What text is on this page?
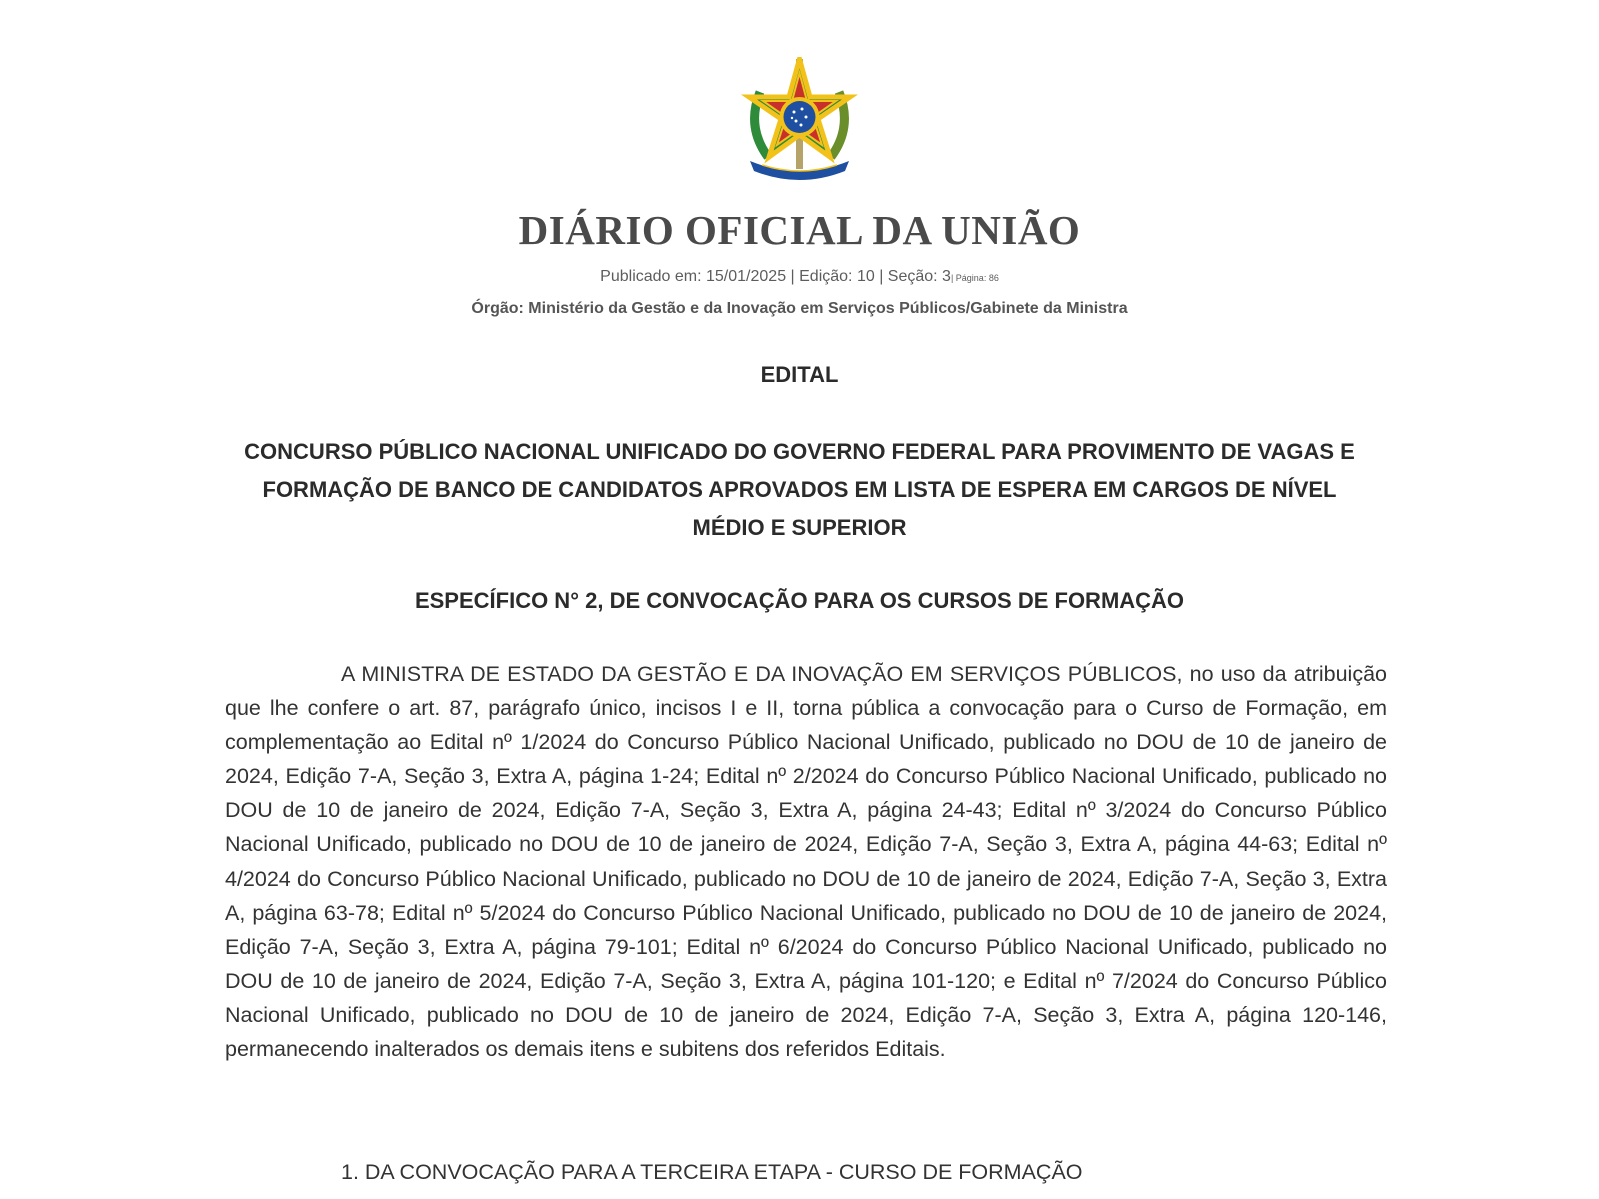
DIÁRIO OFICIAL DA UNIÃO
Publicado em: 15/01/2025 | Edição: 10 | Seção: 3| Página: 86
Órgão: Ministério da Gestão e da Inovação em Serviços Públicos/Gabinete da Ministra
EDITAL
CONCURSO PÚBLICO NACIONAL UNIFICADO DO GOVERNO FEDERAL PARA PROVIMENTO DE VAGAS E FORMAÇÃO DE BANCO DE CANDIDATOS APROVADOS EM LISTA DE ESPERA EM CARGOS DE NÍVEL MÉDIO E SUPERIOR
ESPECÍFICO N° 2, DE CONVOCAÇÃO PARA OS CURSOS DE FORMAÇÃO
A MINISTRA DE ESTADO DA GESTÃO E DA INOVAÇÃO EM SERVIÇOS PÚBLICOS, no uso da atribuição que lhe confere o art. 87, parágrafo único, incisos I e II, torna pública a convocação para o Curso de Formação, em complementação ao Edital nº 1/2024 do Concurso Público Nacional Unificado, publicado no DOU de 10 de janeiro de 2024, Edição 7-A, Seção 3, Extra A, página 1-24; Edital nº 2/2024 do Concurso Público Nacional Unificado, publicado no DOU de 10 de janeiro de 2024, Edição 7-A, Seção 3, Extra A, página 24-43; Edital nº 3/2024 do Concurso Público Nacional Unificado, publicado no DOU de 10 de janeiro de 2024, Edição 7-A, Seção 3, Extra A, página 44-63; Edital nº 4/2024 do Concurso Público Nacional Unificado, publicado no DOU de 10 de janeiro de 2024, Edição 7-A, Seção 3, Extra A, página 63-78; Edital nº 5/2024 do Concurso Público Nacional Unificado, publicado no DOU de 10 de janeiro de 2024, Edição 7-A, Seção 3, Extra A, página 79-101; Edital nº 6/2024 do Concurso Público Nacional Unificado, publicado no DOU de 10 de janeiro de 2024, Edição 7-A, Seção 3, Extra A, página 101-120; e Edital nº 7/2024 do Concurso Público Nacional Unificado, publicado no DOU de 10 de janeiro de 2024, Edição 7-A, Seção 3, Extra A, página 120-146, permanecendo inalterados os demais itens e subitens dos referidos Editais.
1. DA CONVOCAÇÃO PARA A TERCEIRA ETAPA - CURSO DE FORMAÇÃO
